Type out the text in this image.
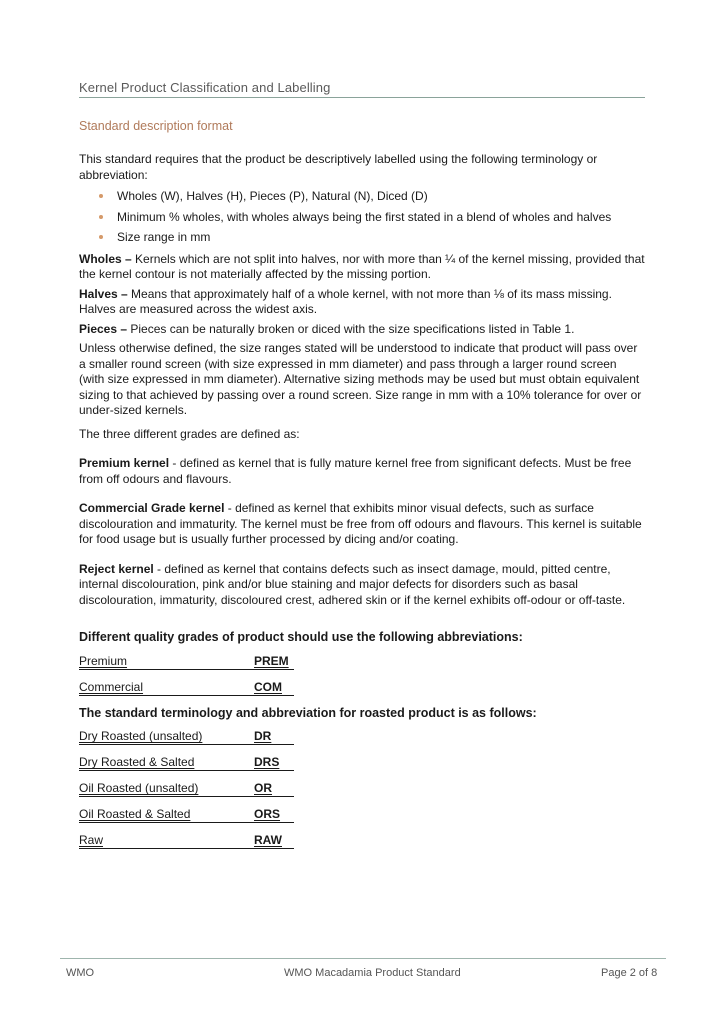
Kernel Product Classification and Labelling
Standard description format

This standard requires that the product be descriptively labelled using the following terminology or abbreviation:

Wholes (W), Halves (H), Pieces (P), Natural (N), Diced (D)
Minimum % wholes, with wholes always being the first stated in a blend of wholes and halves
Size range in mm

Wholes – Kernels which are not split into halves, nor with more than ¼ of the kernel missing, provided that the kernel contour is not materially affected by the missing portion.

Halves – Means that approximately half of a whole kernel, with not more than ⅛ of its mass missing. Halves are measured across the widest axis.

Pieces – Pieces can be naturally broken or diced with the size specifications listed in Table 1.

Unless otherwise defined, the size ranges stated will be understood to indicate that product will pass over a smaller round screen (with size expressed in mm diameter) and pass through a larger round screen (with size expressed in mm diameter). Alternative sizing methods may be used but must obtain equivalent sizing to that achieved by passing over a round screen. Size range in mm with a 10% tolerance for over or under-sized kernels.

The three different grades are defined as:

Premium kernel - defined as kernel that is fully mature kernel free from significant defects. Must be free from off odours and flavours.

Commercial Grade kernel - defined as kernel that exhibits minor visual defects, such as surface discolouration and immaturity. The kernel must be free from off odours and flavours. This kernel is suitable for food usage but is usually further processed by dicing and/or coating.

Reject kernel - defined as kernel that contains defects such as insect damage, mould, pitted centre, internal discolouration, pink and/or blue staining and major defects for disorders such as basal discolouration, immaturity, discoloured crest, adhered skin or if the kernel exhibits off-odour or off-taste.

Different quality grades of product should use the following abbreviations:

Premium	PREM
Commercial	COM

The standard terminology and abbreviation for roasted product is as follows:

Dry Roasted (unsalted)	DR
Dry Roasted & Salted	DRS
Oil Roasted (unsalted)	OR
Oil Roasted & Salted	ORS
Raw	RAW
WMO	WMO Macadamia Product Standard	Page 2 of 8
